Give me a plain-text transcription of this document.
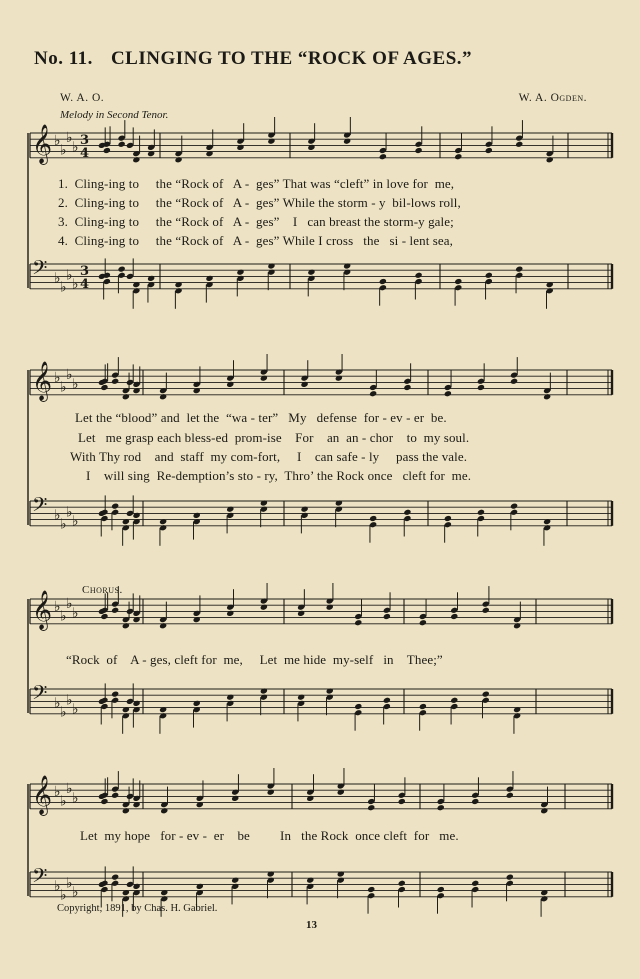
No. 11. CLINGING TO THE “ROCK OF AGES.”
W. A. O.	W. A. Ogden.
Melody in Second Tenor.
𝄞 ♭
♭
♭
♭ 3
4
𝄢 ♭
♭
♭
♭
3
4
𝄞 ♭
♭
♭
♭
𝄢 ♭
♭
♭
♭
𝄞 ♭
♭
♭
♭
𝄢 ♭
♭
♭
♭
𝄞 ♭
♭
♭
♭
𝄢 ♭
♭
♭
♭
1.  Cling-ing to     the “Rock of   A -  ges” That was “cleft” in love for  me,
2.  Cling-ing to     the “Rock of   A -  ges” While the storm - y  bil-lows roll,
3.  Cling-ing to     the “Rock of   A -  ges”    I   can breast the storm-y gale;
4.  Cling-ing to     the “Rock of   A -  ges” While I cross   the   si - lent sea,
Let the “blood” and  let the  “wa - ter”   My   defense  for - ev - er  be.
Let   me grasp each bless-ed  prom-ise    For    an  an - chor    to  my soul.
With Thy rod    and  staff  my com-fort,     I    can safe - ly     pass the vale.
I    will sing  Re-demption’s sto - ry,  Thro’ the Rock once   cleft for  me.
Chorus.
“Rock  of    A - ges, cleft for  me,     Let  me hide  my-self   in    Thee;”
Let  my hope   for - ev -  er    be         In   the Rock  once cleft  for   me.
Copyright, 1891, by Chas. H. Gabriel.
13
